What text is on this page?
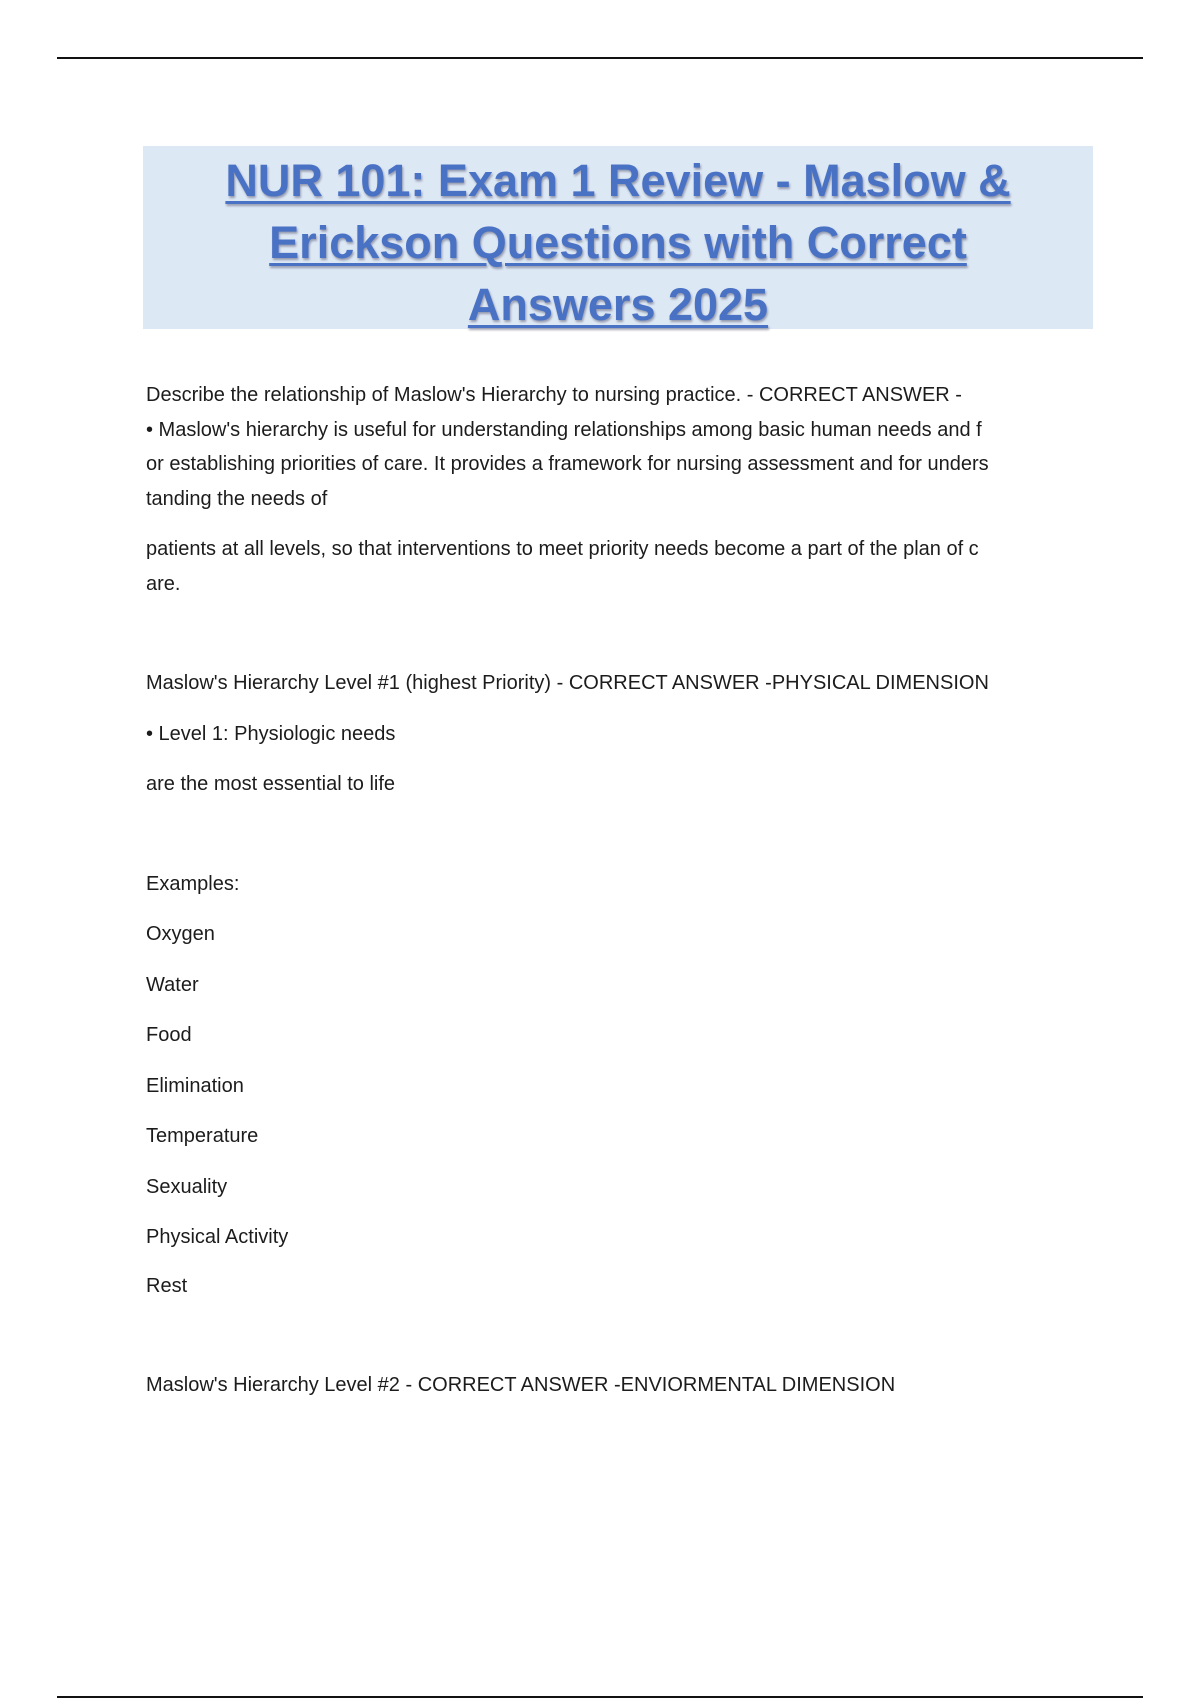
NUR 101: Exam 1 Review - Maslow &
Erickson Questions with Correct
Answers 2025
Describe the relationship of Maslow's Hierarchy to nursing practice. - CORRECT ANSWER -
• Maslow's hierarchy is useful for understanding relationships among basic human needs and f
or establishing priorities of care. It provides a framework for nursing assessment and for unders
tanding the needs of
patients at all levels, so that interventions to meet priority needs become a part of the plan of c
are.
Maslow's Hierarchy Level #1 (highest Priority) - CORRECT ANSWER -PHYSICAL DIMENSION
• Level 1: Physiologic needs
are the most essential to life
Examples:
Oxygen
Water
Food
Elimination
Temperature
Sexuality
Physical Activity
Rest
Maslow's Hierarchy Level #2 - CORRECT ANSWER -ENVIORMENTAL DIMENSION
